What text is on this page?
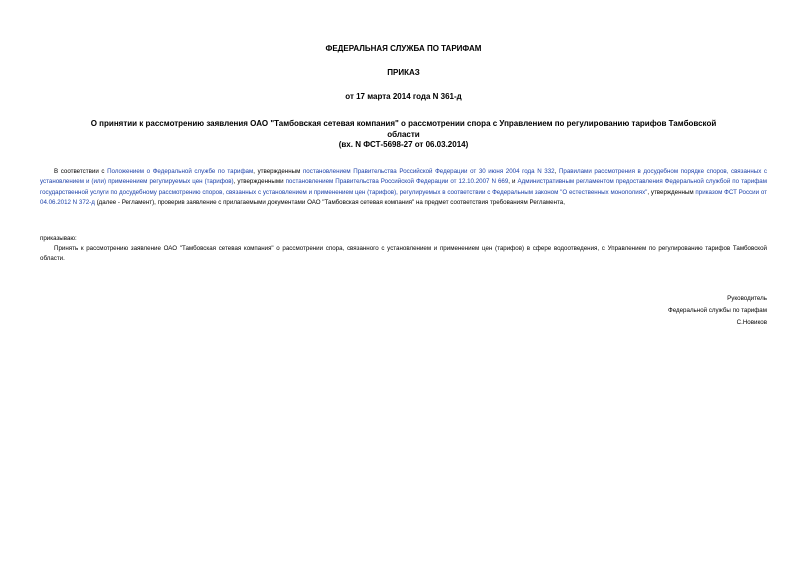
ФЕДЕРАЛЬНАЯ СЛУЖБА ПО ТАРИФАМ
ПРИКАЗ
от 17 марта 2014 года N 361-д
О принятии к рассмотрению заявления ОАО "Тамбовская сетевая компания" о рассмотрении спора с Управлением по регулированию тарифов Тамбовской
области
(вх. N ФСТ-5698-27 от 06.03.2014)
В соответствии с Положением о Федеральной службе по тарифам, утвержденным постановлением Правительства Российской Федерации от 30 июня 2004 года N 332, Правилами рассмотрения в досудебном порядке споров, связанных с установлением и (или) применением регулируемых цен (тарифов), утвержденными постановлением Правительства Российской Федерации от 12.10.2007 N 669, и Административным регламентом предоставления Федеральной службой по тарифам государственной услуги по досудебному рассмотрению споров, связанных с установлением и применением цен (тарифов), регулируемых в соответствии с Федеральным законом "О естественных монополиях", утвержденным приказом ФСТ России от 04.06.2012 N 372-д (далее - Регламент), проверив заявление с прилагаемыми документами ОАО "Тамбовская сетевая компания" на предмет соответствия требованиям Регламента,
приказываю:
Принять к рассмотрению заявление ОАО "Тамбовская сетевая компания" о рассмотрении спора, связанного с установлением и применением цен (тарифов) в сфере водоотведения, с Управлением по регулированию тарифов Тамбовской области.
Руководитель
Федеральной службы по тарифам
С.Новиков
